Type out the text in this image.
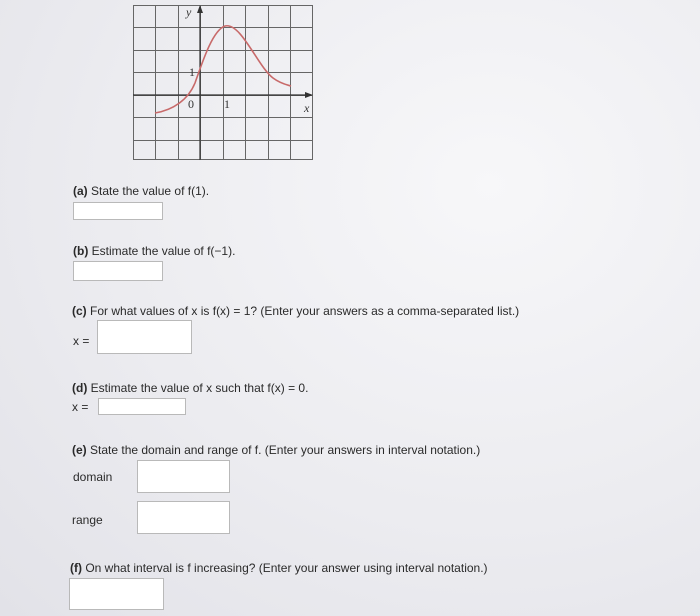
y
x
0	1
1
(a) State the value of f(1).
(b) Estimate the value of f(−1).
(c) For what values of x is f(x) = 1? (Enter your answers as a comma-separated list.)
x =
(d) Estimate the value of x such that f(x) = 0.
x =
(e) State the domain and range of f. (Enter your answers in interval notation.)
domain
range
(f) On what interval is f increasing? (Enter your answer using interval notation.)
